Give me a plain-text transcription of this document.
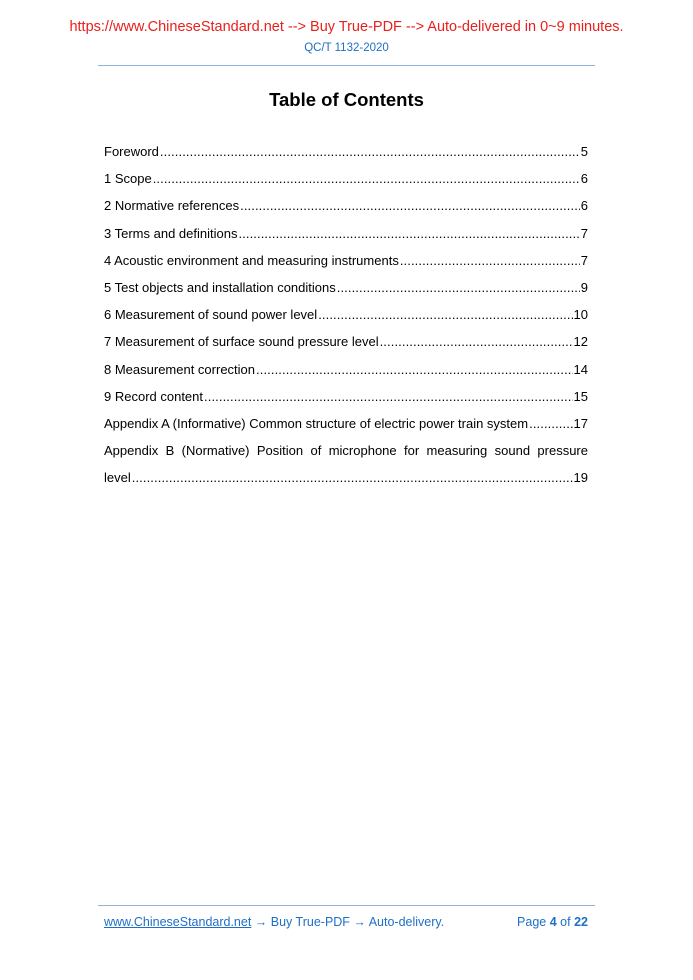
https://www.ChineseStandard.net --> Buy True-PDF --> Auto-delivered in 0~9 minutes.
QC/T 1132-2020
Table of Contents
Foreword .....	5
1 Scope .....	6
2 Normative references .....	6
3 Terms and definitions .....	7
4 Acoustic environment and measuring instruments .....	7
5 Test objects and installation conditions .....	9
6 Measurement of sound power level .....	10
7 Measurement of surface sound pressure level .....	12
8 Measurement correction .....	14
9 Record content .....	15
Appendix A (Informative) Common structure of electric power train system .....	17
Appendix B (Normative) Position of microphone for measuring sound pressure
level .....	19
www.ChineseStandard.net → Buy True-PDF → Auto-delivery.	Page 4 of 22
